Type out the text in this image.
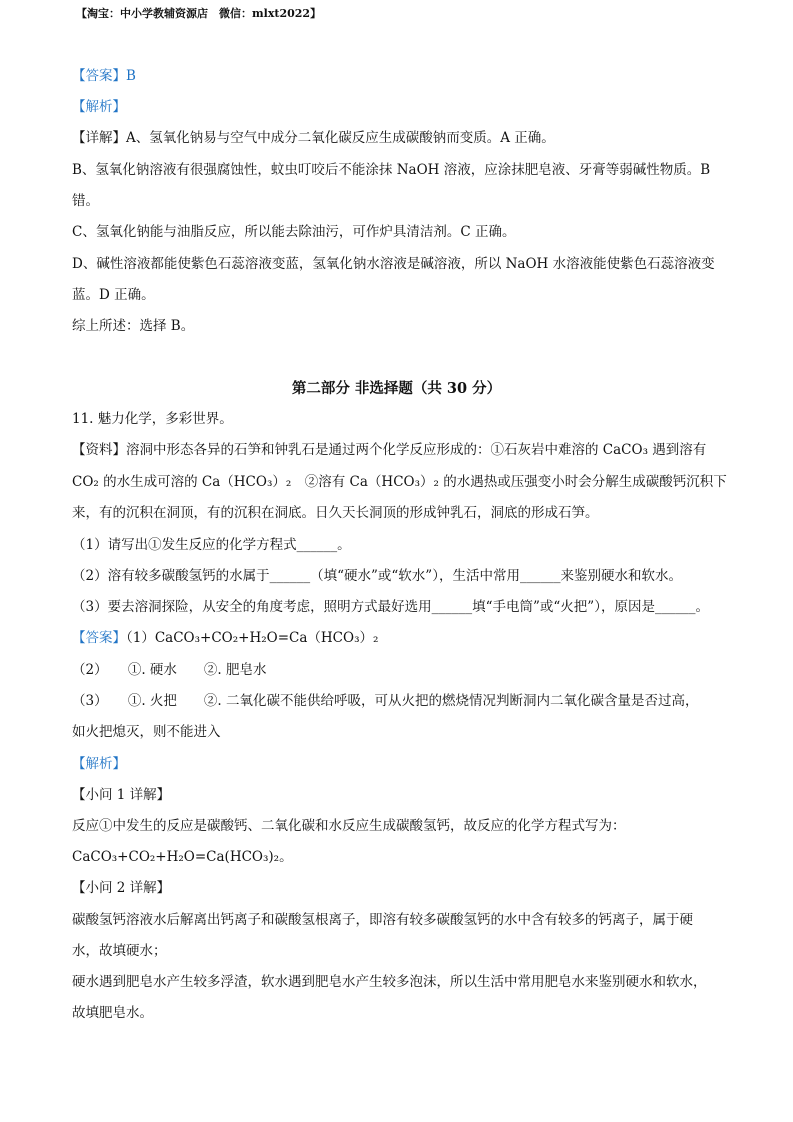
【淘宝：中小学教辅资源店　微信：mlxt2022】
【答案】B
【解析】
【详解】A、氢氧化钠易与空气中成分二氧化碳反应生成碳酸钠而变质。A 正确。
B、氢氧化钠溶液有很强腐蚀性，蚊虫叮咬后不能涂抹 NaOH 溶液，应涂抹肥皂液、牙膏等弱碱性物质。B
错。
C、氢氧化钠能与油脂反应，所以能去除油污，可作炉具清洁剂。C 正确。
D、碱性溶液都能使紫色石蕊溶液变蓝，氢氧化钠水溶液是碱溶液，所以 NaOH 水溶液能使紫色石蕊溶液变
蓝。D 正确。
综上所述：选择 B。
第二部分 非选择题（共 30 分）
11. 魅力化学，多彩世界。
【资料】溶洞中形态各异的石笋和钟乳石是通过两个化学反应形成的：①石灰岩中难溶的 CaCO₃ 遇到溶有
CO₂ 的水生成可溶的 Ca（HCO₃）₂　②溶有 Ca（HCO₃）₂ 的水遇热或压强变小时会分解生成碳酸钙沉积下
来，有的沉积在洞顶，有的沉积在洞底。日久天长洞顶的形成钟乳石，洞底的形成石笋。
（1）请写出①发生反应的化学方程式______。
（2）溶有较多碳酸氢钙的水属于______（填“硬水”或“软水”），生活中常用______来鉴别硬水和软水。
（3）要去溶洞探险，从安全的角度考虑，照明方式最好选用______填“手电筒”或“火把”），原因是______。
【答案】（1）CaCO₃+CO₂+H₂O=Ca（HCO₃）₂
（2）　　①. 硬水　　②. 肥皂水
（3）　　①. 火把　　②. 二氧化碳不能供给呼吸，可从火把的燃烧情况判断洞内二氧化碳含量是否过高，
如火把熄灭，则不能进入
【解析】
【小问 1 详解】
反应①中发生的反应是碳酸钙、二氧化碳和水反应生成碳酸氢钙，故反应的化学方程式写为：
CaCO₃+CO₂+H₂O=Ca(HCO₃)₂。
【小问 2 详解】
碳酸氢钙溶液水后解离出钙离子和碳酸氢根离子，即溶有较多碳酸氢钙的水中含有较多的钙离子，属于硬
水，故填硬水；
硬水遇到肥皂水产生较多浮渣，软水遇到肥皂水产生较多泡沫，所以生活中常用肥皂水来鉴别硬水和软水，
故填肥皂水。
